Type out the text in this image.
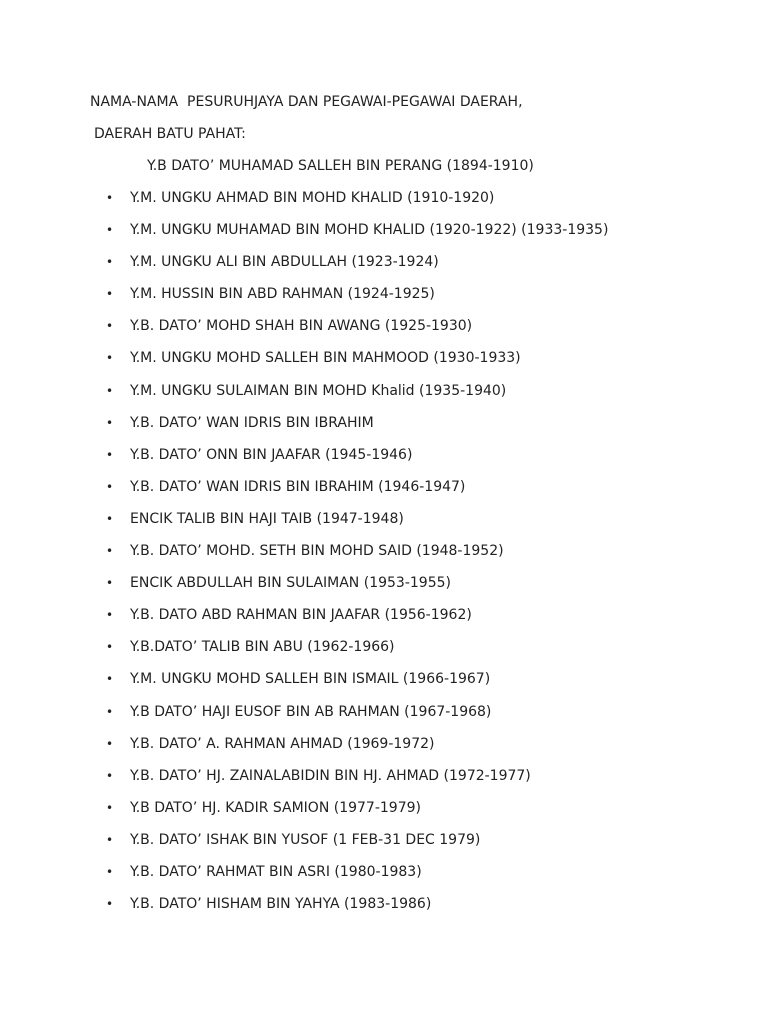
NAMA-NAMA  PESURUHJAYA DAN PEGAWAI-PEGAWAI DAERAH,
DAERAH BATU PAHAT:
Y.B DATO’ MUHAMAD SALLEH BIN PERANG (1894-1910)
• Y.M. UNGKU AHMAD BIN MOHD KHALID (1910-1920)
• Y.M. UNGKU MUHAMAD BIN MOHD KHALID (1920-1922) (1933-1935)
• Y.M. UNGKU ALI BIN ABDULLAH (1923-1924)
• Y.M. HUSSIN BIN ABD RAHMAN (1924-1925)
• Y.B. DATO’ MOHD SHAH BIN AWANG (1925-1930)
• Y.M. UNGKU MOHD SALLEH BIN MAHMOOD (1930-1933)
• Y.M. UNGKU SULAIMAN BIN MOHD Khalid (1935-1940)
• Y.B. DATO’ WAN IDRIS BIN IBRAHIM
• Y.B. DATO’ ONN BIN JAAFAR (1945-1946)
• Y.B. DATO’ WAN IDRIS BIN IBRAHIM (1946-1947)
• ENCIK TALIB BIN HAJI TAIB (1947-1948)
• Y.B. DATO’ MOHD. SETH BIN MOHD SAID (1948-1952)
• ENCIK ABDULLAH BIN SULAIMAN (1953-1955)
• Y.B. DATO ABD RAHMAN BIN JAAFAR (1956-1962)
• Y.B.DATO’ TALIB BIN ABU (1962-1966)
• Y.M. UNGKU MOHD SALLEH BIN ISMAIL (1966-1967)
• Y.B DATO’ HAJI EUSOF BIN AB RAHMAN (1967-1968)
• Y.B. DATO’ A. RAHMAN AHMAD (1969-1972)
• Y.B. DATO’ HJ. ZAINALABIDIN BIN HJ. AHMAD (1972-1977)
• Y.B DATO’ HJ. KADIR SAMION (1977-1979)
• Y.B. DATO’ ISHAK BIN YUSOF (1 FEB-31 DEC 1979)
• Y.B. DATO’ RAHMAT BIN ASRI (1980-1983)
• Y.B. DATO’ HISHAM BIN YAHYA (1983-1986)
